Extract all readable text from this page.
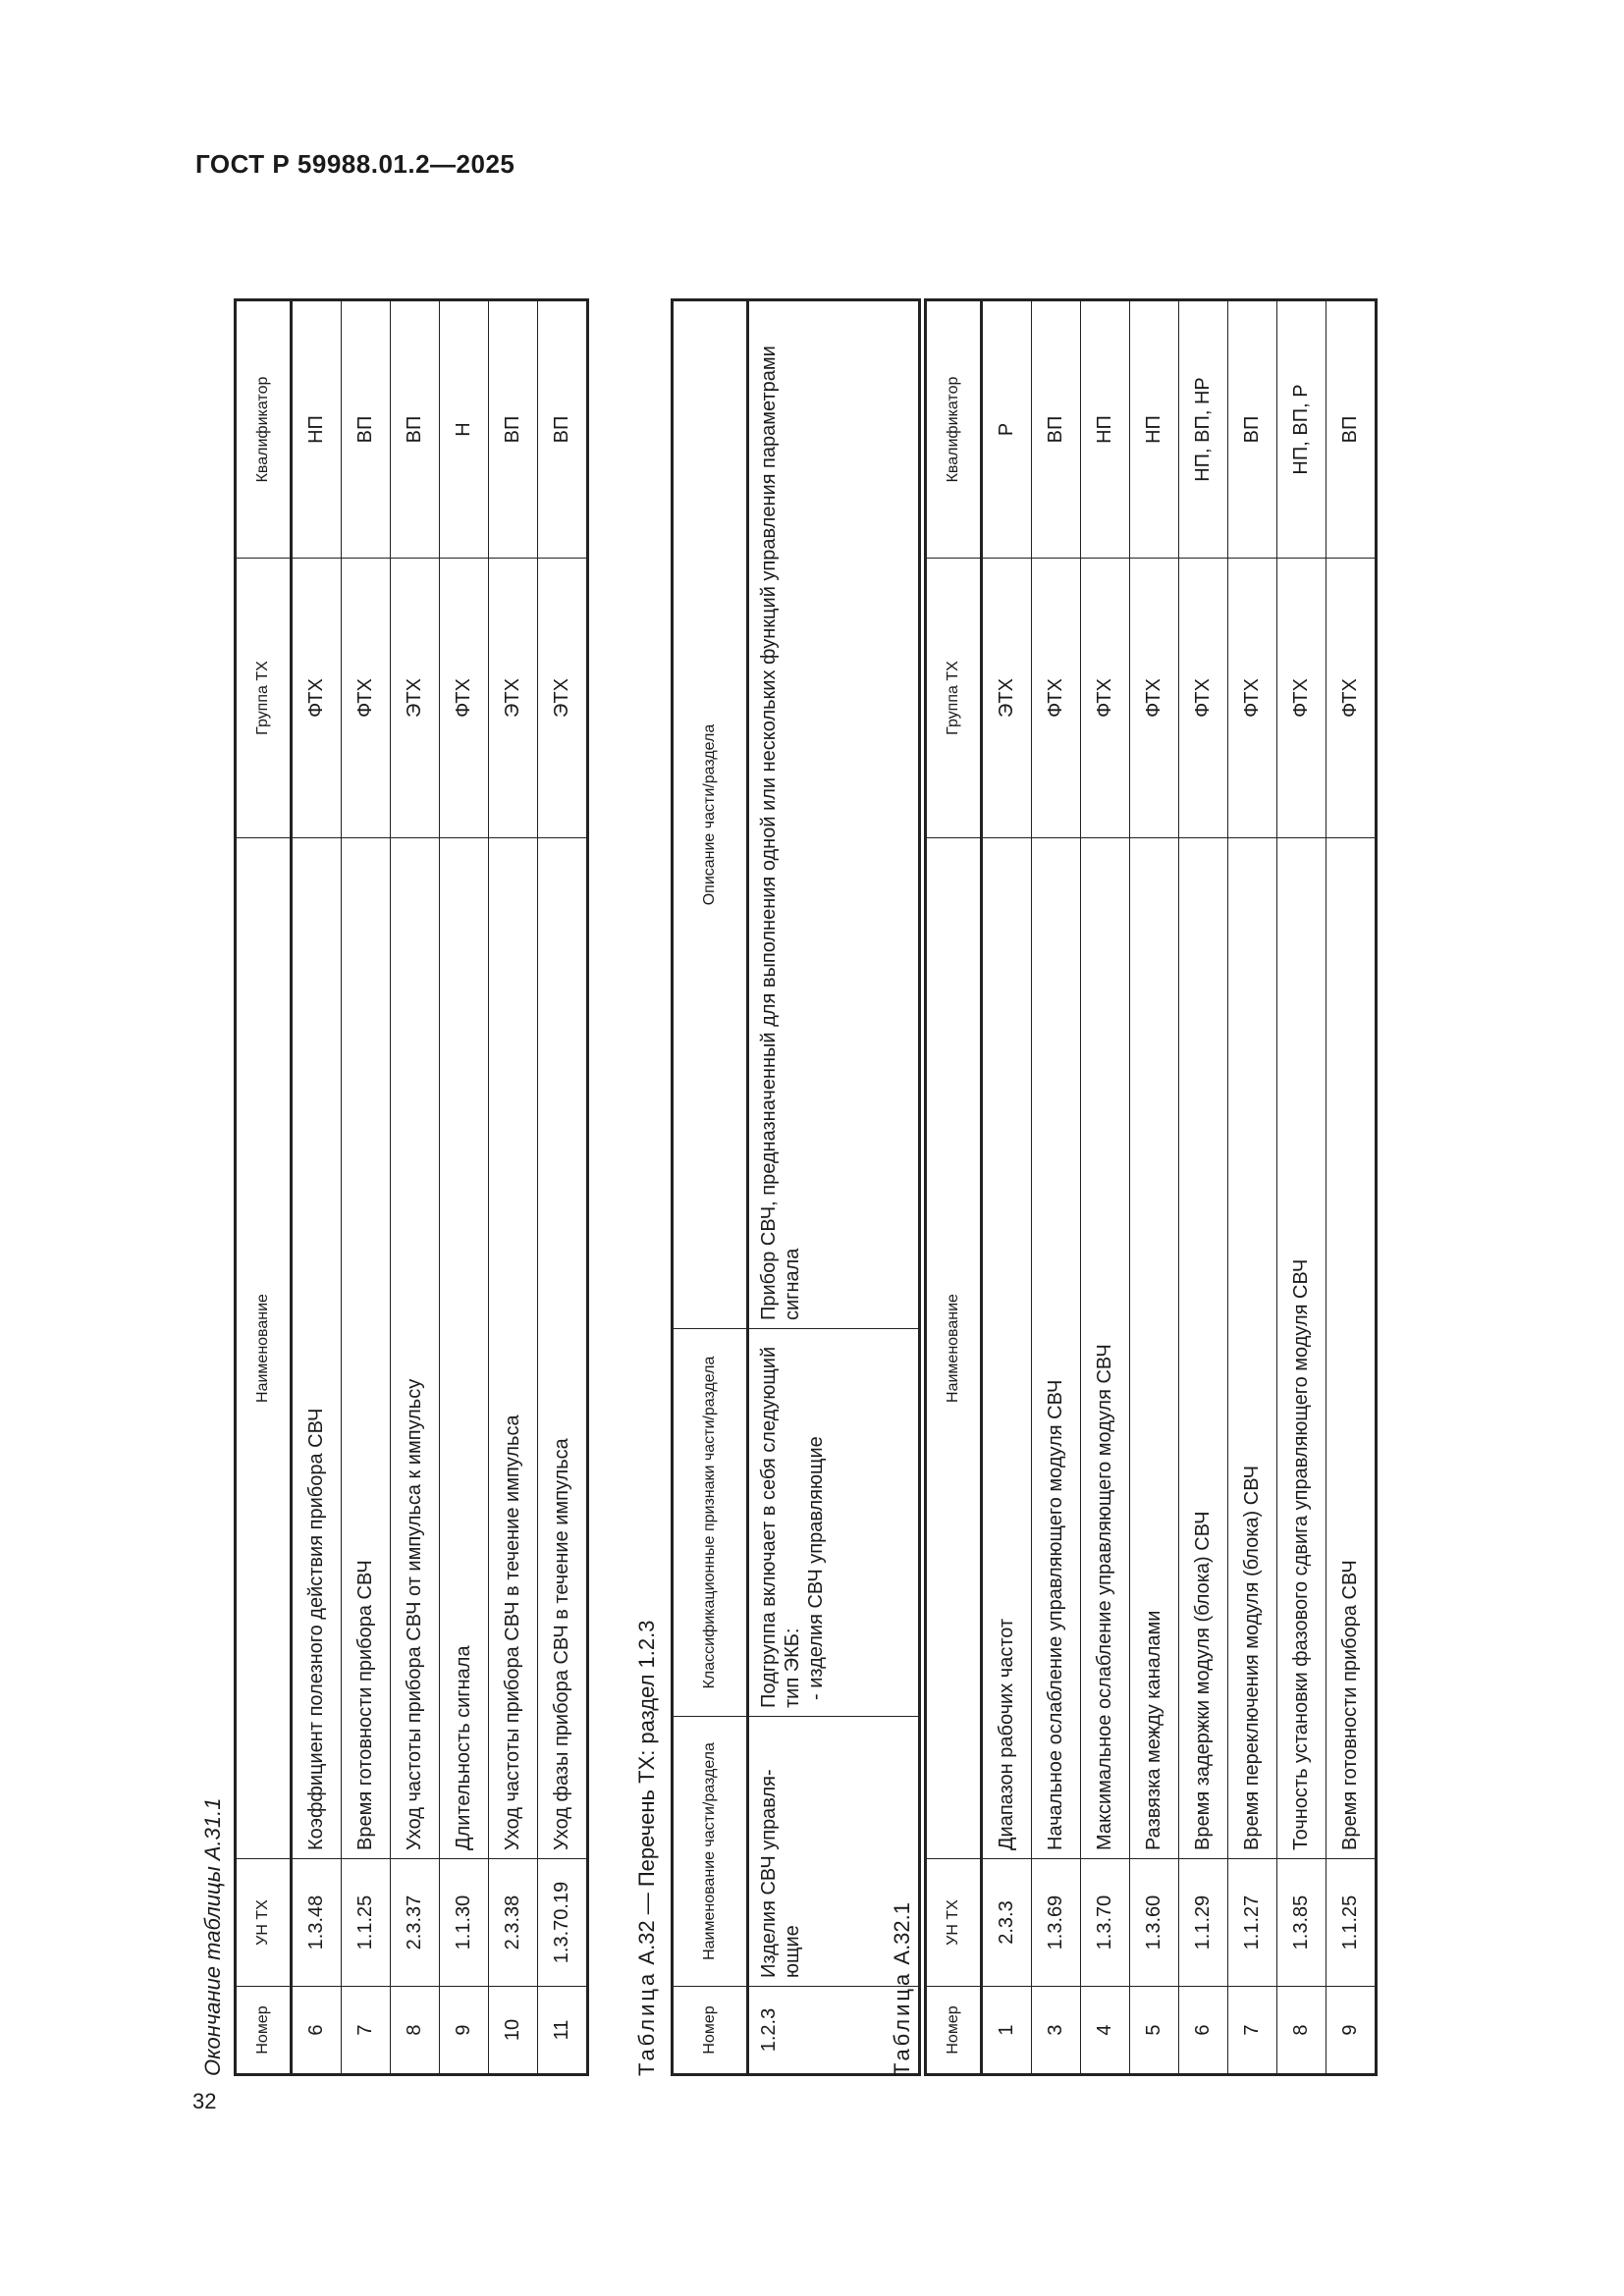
ГОСТ Р 59988.01.2—2025
32
Окончание таблицы А.31.1 Номер	УН ТХ	Наименование	Группа ТХ	Квалификатор
6	1.3.48	Коэффициент полезного действия прибора СВЧ	ФТХ	НП
7	1.1.25	Время готовности прибора СВЧ	ФТХ	ВП
8	2.3.37	Уход частоты прибора СВЧ от импульса к импульсу	ЭТХ	ВП
9	1.1.30	Длительность сигнала	ФТХ	Н
10	2.3.38	Уход частоты прибора СВЧ в течение импульса	ЭТХ	ВП
11	1.3.70.19	Уход фазы прибора СВЧ в течение импульса	ЭТХ	ВП
Таблица А.32 — Перечень ТХ: раздел 1.2.3
Номер	Наименование части/раздела	Классификационные признаки части/раздела	Описание части/раздела
1.2.3	Изделия СВЧ управля-ющие	Подгруппа включает в себя следующий тип ЭКБ: - изделия СВЧ управляющие	Прибор СВЧ, предназначенный для выполнения одной или нескольких функций управления параметрами сигнала
Таблица А.32.1
Номер	УН ТХ	Наименование	Группа ТХ	Квалификатор
1	2.3.3	Диапазон рабочих частот	ЭТХ	Р
3	1.3.69	Начальное ослабление управляющего модуля СВЧ	ФТХ	ВП
4	1.3.70	Максимальное ослабление управляющего модуля СВЧ	ФТХ	НП
5	1.3.60	Развязка между каналами	ФТХ	НП
6	1.1.29	Время задержки модуля (блока) СВЧ	ФТХ	НП, ВП, НР
7	1.1.27	Время переключения модуля (блока) СВЧ	ФТХ	ВП
8	1.3.85	Точность установки фазового сдвига управляющего модуля СВЧ	ФТХ	НП, ВП, Р
9	1.1.25	Время готовности прибора СВЧ	ФТХ	ВП
